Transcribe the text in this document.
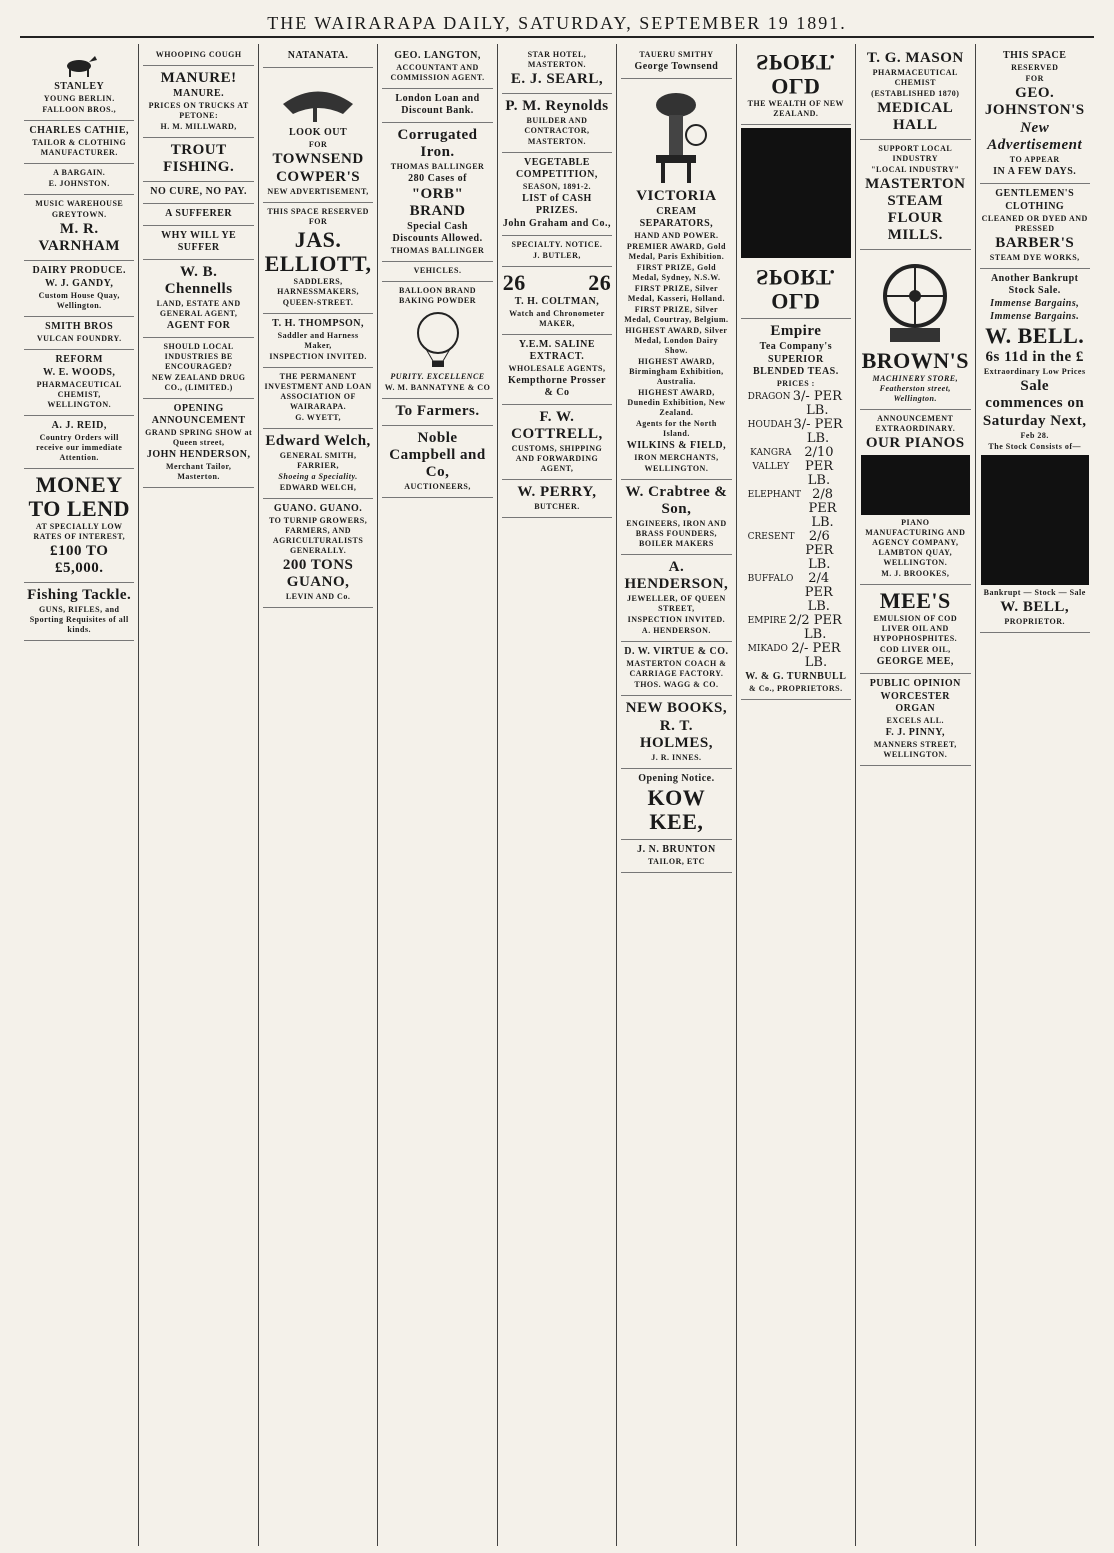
THE WAIRARAPA DAILY, SATURDAY, SEPTEMBER 19 1891.
STANLEY
YOUNG BERLIN.
FALLOON BROS.,
CHARLES CATHIE,
TAILOR & CLOTHING MANUFACTURER.
A BARGAIN.
E. JOHNSTON.
MUSIC WAREHOUSE
GREYTOWN.
M. R. VARNHAM
DAIRY PRODUCE.
W. J. GANDY,
Custom House Quay, Wellington.
SMITH BROS
VULCAN FOUNDRY.
REFORM
W. E. WOODS,
PHARMACEUTICAL CHEMIST, WELLINGTON.
A. J. REID,
Country Orders will receive our immediate Attention.
MONEY TO LEND
AT SPECIALLY LOW RATES OF INTEREST,
£100 TO £5,000.
Fishing Tackle.
GUNS, RIFLES, and Sporting Requisites of all kinds.
WHOOPING COUGH
MANURE!
MANURE.
PRICES ON TRUCKS AT PETONE:
H. M. MILLWARD,
TROUT FISHING.
NO CURE, NO PAY.
A SUFFERER
WHY WILL YE SUFFER
W. B. Chennells
LAND, ESTATE AND GENERAL AGENT,
AGENT FOR
SHOULD LOCAL INDUSTRIES BE ENCOURAGED?
NEW ZEALAND DRUG CO., (LIMITED.)
OPENING ANNOUNCEMENT
GRAND SPRING SHOW at Queen street,
JOHN HENDERSON,
Merchant Tailor, Masterton.
NATANATA.
LOOK OUT
FOR
TOWNSEND
COWPER'S
NEW ADVERTISEMENT,
THIS SPACE RESERVED FOR
JAS. ELLIOTT,
SADDLERS, HARNESSMAKERS,
QUEEN-STREET.
T. H. THOMPSON,
Saddler and Harness Maker,
INSPECTION INVITED.
THE PERMANENT INVESTMENT AND LOAN ASSOCIATION OF WAIRARAPA.
G. WYETT,
Edward Welch,
GENERAL SMITH, FARRIER,
Shoeing a Speciality.
EDWARD WELCH,
GUANO. GUANO.
TO TURNIP GROWERS, FARMERS, AND AGRICULTURALISTS GENERALLY.
200 TONS GUANO,
LEVIN AND Co.
GEO. LANGTON,
ACCOUNTANT AND COMMISSION AGENT.
London Loan and Discount Bank.
Corrugated Iron.
THOMAS BALLINGER
280 Cases of
"ORB" BRAND
Special Cash Discounts Allowed.
THOMAS BALLINGER
VEHICLES.
BALLOON BRAND BAKING POWDER
PURITY. EXCELLENCE
W. M. BANNATYNE & CO
To Farmers.
Noble Campbell and Co,
AUCTIONEERS,
STAR HOTEL, MASTERTON.
E. J. SEARL,
P. M. Reynolds
BUILDER AND CONTRACTOR,
MASTERTON.
VEGETABLE COMPETITION,
SEASON, 1891-2.
LIST of CASH PRIZES.
John Graham and Co.,
SPECIALTY. NOTICE.
J. BUTLER,
26	26
T. H. COLTMAN,
Watch and Chronometer MAKER,
Y.E.M. SALINE EXTRACT.
WHOLESALE AGENTS,
Kempthorne Prosser & Co
F. W. COTTRELL,
CUSTOMS, SHIPPING AND FORWARDING AGENT,
W. PERRY,
BUTCHER.
TAUERU SMITHY
George Townsend
VICTORIA
CREAM SEPARATORS,
HAND AND POWER.
PREMIER AWARD, Gold Medal, Paris Exhibition.
FIRST PRIZE, Gold Medal, Sydney, N.S.W.
FIRST PRIZE, Silver Medal, Kasseri, Holland.
FIRST PRIZE, Silver Medal, Courtray, Belgium.
HIGHEST AWARD, Silver Medal, London Dairy Show.
HIGHEST AWARD, Birmingham Exhibition, Australia.
HIGHEST AWARD, Dunedin Exhibition, New Zealand.
Agents for the North Island.
WILKINS & FIELD,
IRON MERCHANTS,
WELLINGTON.
W. Crabtree & Son,
ENGINEERS, IRON AND BRASS FOUNDERS, BOILER MAKERS
A. HENDERSON,
JEWELLER, OF QUEEN STREET,
INSPECTION INVITED.
A. HENDERSON.
D. W. VIRTUE & CO.
MASTERTON COACH & CARRIAGE FACTORY.
THOS. WAGG & CO.
NEW BOOKS,
R. T. HOLMES,
J. R. INNES.
Opening Notice.
KOW KEE,
J. N. BRUNTON
TAILOR, ETC
OLD SPORT.
THE WEALTH OF NEW ZEALAND.
OLD SPORT.
Empire
Tea Company's
SUPERIOR BLENDED TEAS.
PRICES :
DRAGON 3/- PER LB.
HOUDAH 3/- PER LB.
KANGRA VALLEY
2/10 PER LB.
ELEPHANT 2/8 PER LB.
CRESENT	2/6 PER LB.
BUFFALO	2/4 PER LB.
EMPIRE 2/2 PER LB.
MIKADO 2/- PER LB.
W. & G. TURNBULL
& Co., PROPRIETORS.
T. G. MASON
PHARMACEUTICAL CHEMIST
(ESTABLISHED 1870)
MEDICAL HALL
SUPPORT LOCAL INDUSTRY
"LOCAL INDUSTRY"
MASTERTON STEAM FLOUR MILLS.
BROWN'S
MACHINERY STORE, Featherston street, Wellington.
ANNOUNCEMENT EXTRAORDINARY.
OUR PIANOS
PIANO MANUFACTURING AND AGENCY COMPANY, LAMBTON QUAY, WELLINGTON.
M. J. BROOKES,
MEE'S
EMULSION OF COD LIVER OIL AND HYPOPHOSPHITES.
COD LIVER OIL,
GEORGE MEE,
PUBLIC OPINION
WORCESTER ORGAN
EXCELS ALL.
F. J. PINNY,
MANNERS STREET, WELLINGTON.
THIS SPACE
RESERVED
FOR
GEO. JOHNSTON'S
New Advertisement
TO APPEAR
IN A FEW DAYS.
GENTLEMEN'S
CLOTHING
CLEANED OR DYED AND PRESSED
BARBER'S
STEAM DYE WORKS,
Another Bankrupt Stock Sale.
Immense Bargains,
Immense Bargains.
W. BELL.
6s 11d in the £
Extraordinary Low Prices
Sale commences on
Saturday Next,
Feb 28.
The Stock Consists of—
Bankrupt — Stock — Sale
W. BELL,
PROPRIETOR.
